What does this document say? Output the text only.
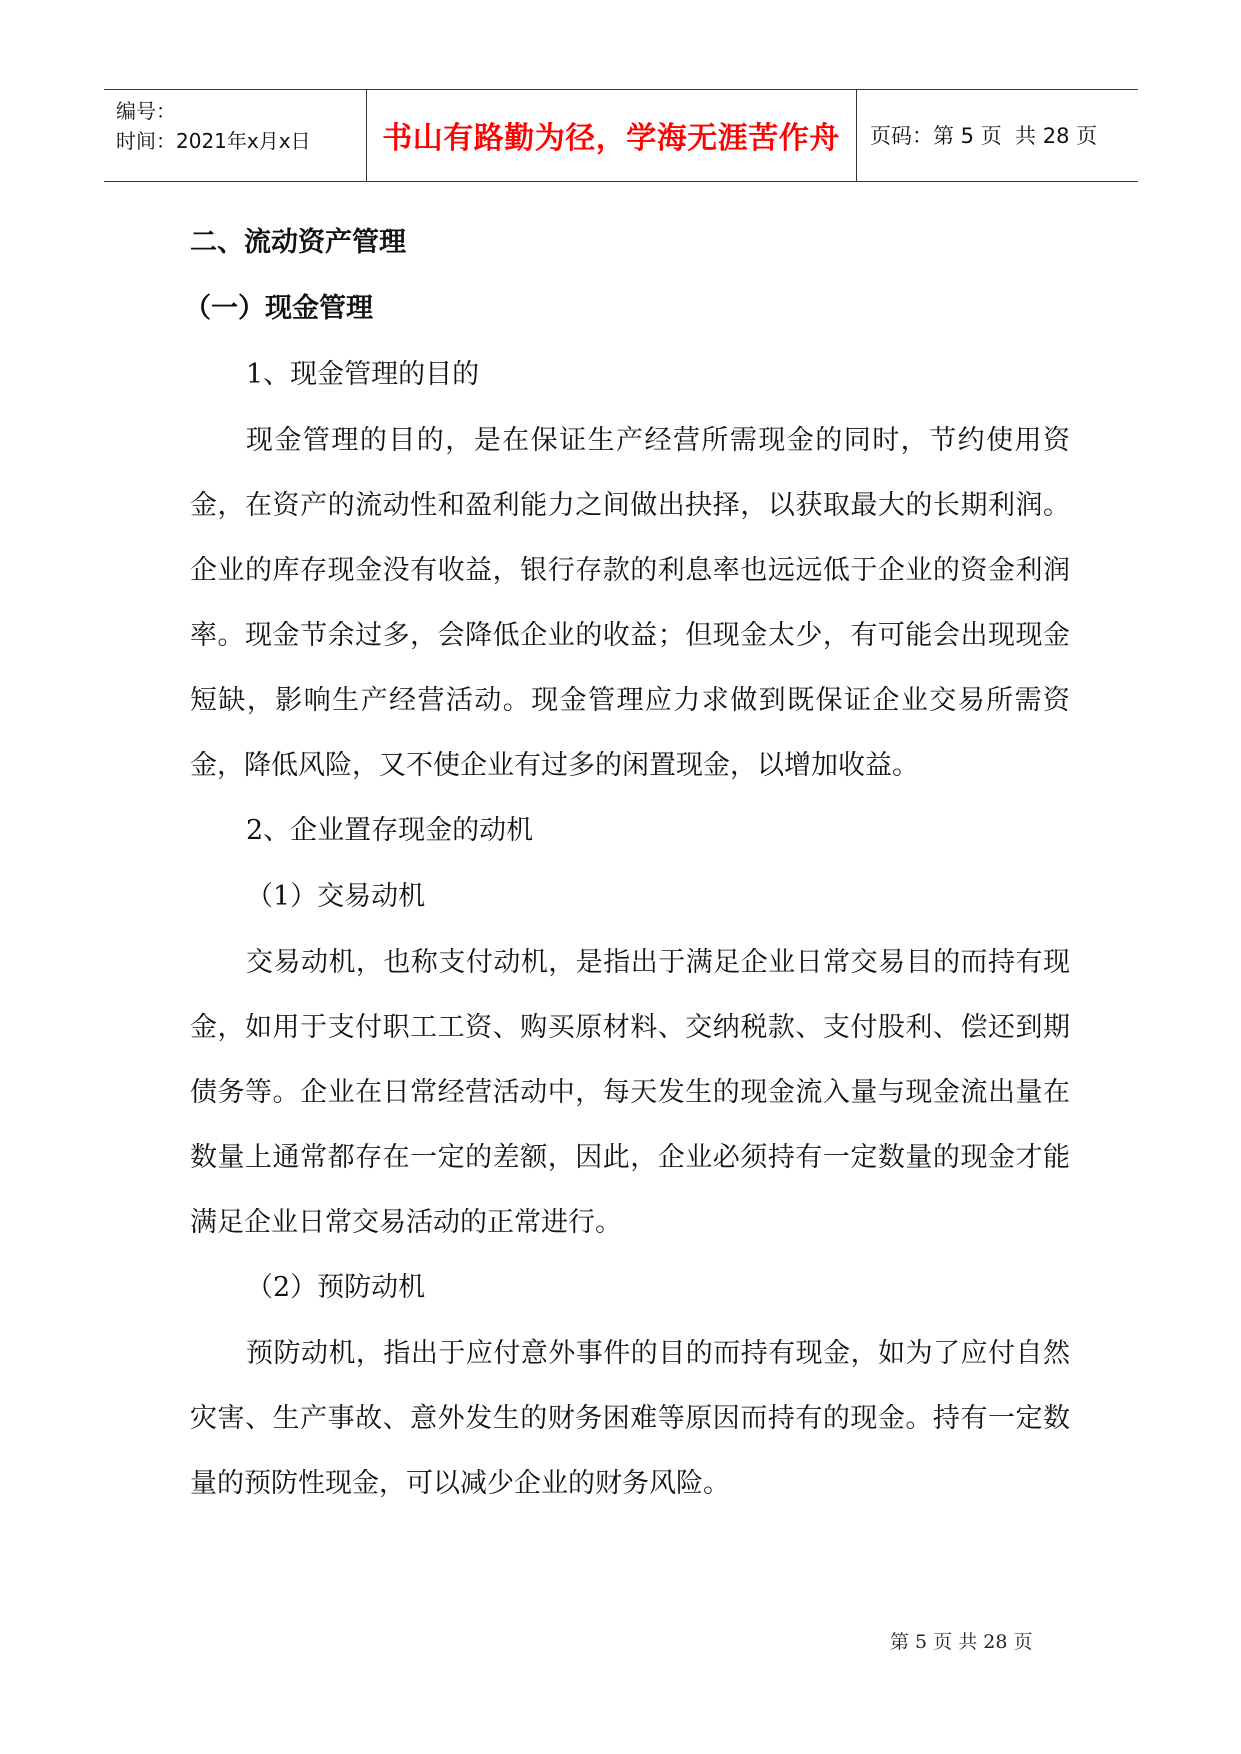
编号：
时间：2021年x月x日	书山有路勤为径，学海无涯苦作舟	页码：第 5 页  共 28 页

二、流动资产管理

（一）现金管理

1、现金管理的目的

现金管理的目的，是在保证生产经营所需现金的同时，节约使用资金，在资产的流动性和盈利能力之间做出抉择，以获取最大的长期利润。企业的库存现金没有收益，银行存款的利息率也远远低于企业的资金利润率。现金节余过多，会降低企业的收益；但现金太少，有可能会出现现金短缺，影响生产经营活动。现金管理应力求做到既保证企业交易所需资金，降低风险，又不使企业有过多的闲置现金，以增加收益。

2、企业置存现金的动机

（1）交易动机

交易动机，也称支付动机，是指出于满足企业日常交易目的而持有现金，如用于支付职工工资、购买原材料、交纳税款、支付股利、偿还到期债务等。企业在日常经营活动中，每天发生的现金流入量与现金流出量在数量上通常都存在一定的差额，因此，企业必须持有一定数量的现金才能满足企业日常交易活动的正常进行。

（2）预防动机

预防动机，指出于应付意外事件的目的而持有现金，如为了应付自然灾害、生产事故、意外发生的财务困难等原因而持有的现金。持有一定数量的预防性现金，可以减少企业的财务风险。

第 5 页 共 28 页
